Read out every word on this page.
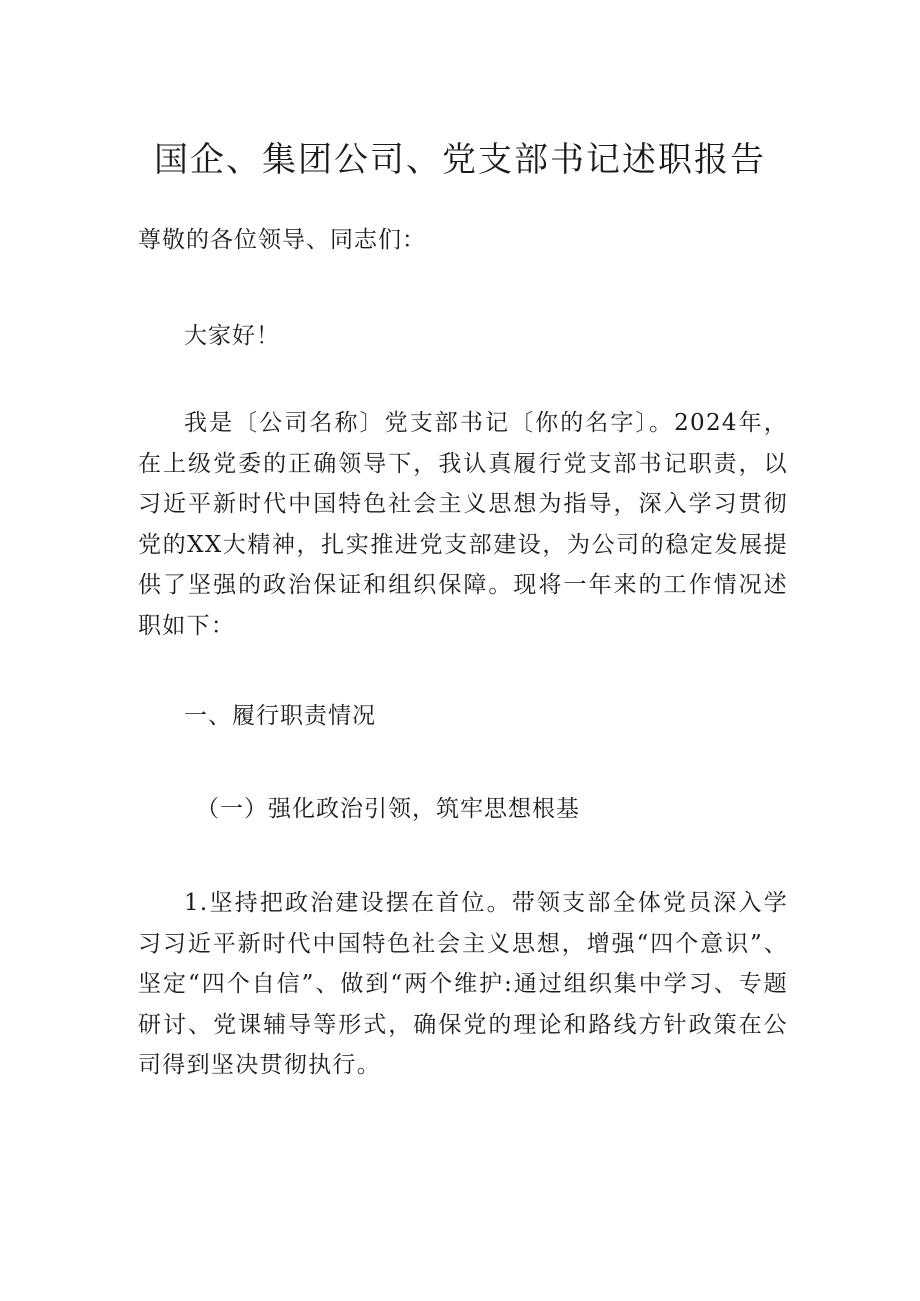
国企、集团公司、党支部书记述职报告
尊敬的各位领导、同志们：
大家好！

我是〔公司名称〕党支部书记〔你的名字〕。2024年，在上级党委的正确领导下，我认真履行党支部书记职责，以习近平新时代中国特色社会主义思想为指导，深入学习贯彻党的XX大精神，扎实推进党支部建设，为公司的稳定发展提供了坚强的政治保证和组织保障。现将一年来的工作情况述职如下：

一、履行职责情况
（一）强化政治引领，筑牢思想根基

1.坚持把政治建设摆在首位。带领支部全体党员深入学习习近平新时代中国特色社会主义思想，增强“四个意识”、坚定“四个自信”、做到“两个维护:通过组织集中学习、专题研讨、党课辅导等形式，确保党的理论和路线方针政策在公司得到坚决贯彻执行。
